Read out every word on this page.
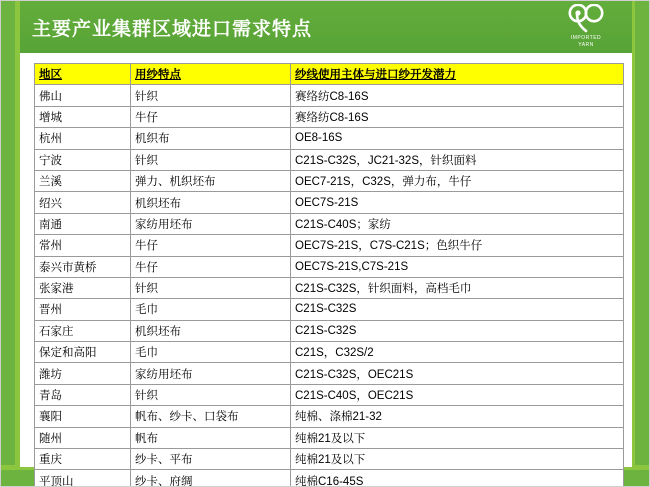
主要产业集群区域进口需求特点	IMPORTED
YARN
地区	用纱特点	纱线使用主体与进口纱开发潜力
佛山	针织	赛络纺C8-16S
增城	牛仔	赛络纺C8-16S
杭州	机织布	OE8-16S
宁波	针织	C21S-C32S，JC21-32S，针织面料
兰溪	弹力、机织坯布	OEC7-21S，C32S，弹力布，牛仔
绍兴	机织坯布	OEC7S-21S
南通	家纺用坯布	C21S-C40S；家纺
常州	牛仔	OEC7S-21S，C7S-C21S；色织牛仔
泰兴市黄桥	牛仔	OEC7S-21S,C7S-21S
张家港	针织	C21S-C32S，针织面料，高档毛巾
晋州	毛巾	C21S-C32S
石家庄	机织坯布	C21S-C32S
保定和高阳	毛巾	C21S，C32S/2
潍坊	家纺用坯布	C21S-C32S，OEC21S
青岛	针织	C21S-C40S，OEC21S
襄阳	帆布、纱卡、口袋布	纯棉、涤棉21-32
随州	帆布	纯棉21及以下
重庆	纱卡、平布	纯棉21及以下
平顶山	纱卡、府绸	纯棉C16-45S
